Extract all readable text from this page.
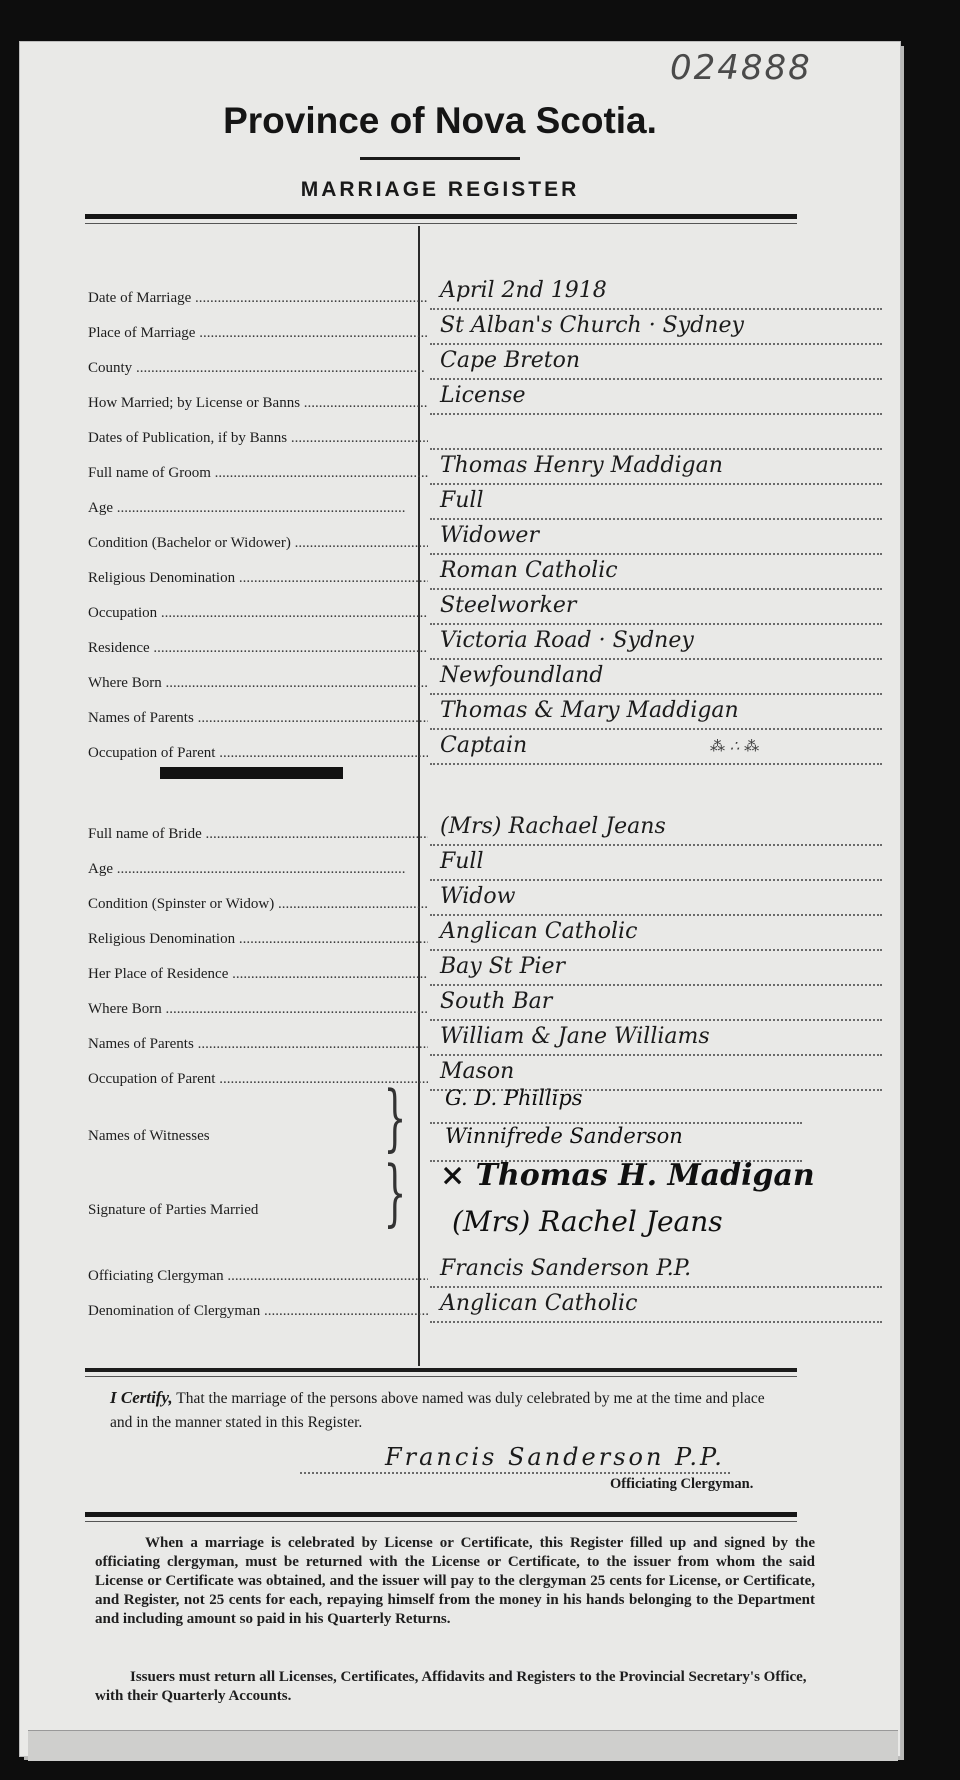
024888
Province of Nova Scotia.
MARRIAGE REGISTER
Date of Marriage .....	April 2nd 1918
Place of Marriage .....	St Alban's Church · Sydney
County .....	Cape Breton
How Married; by License or Banns .....	License
Dates of Publication, if by Banns .....
Full name of Groom .....	Thomas Henry Maddigan
Age .....	Full
Condition (Bachelor or Widower) .....	Widower
Religious Denomination .....	Roman Catholic
Occupation .....	Steelworker
Residence .....	Victoria Road · Sydney
Where Born .....	Newfoundland
Names of Parents .....	Thomas & Mary Maddigan
Occupation of Parent .....	Captain	⁂ ∴ ⁂
Full name of Bride .....	(Mrs) Rachael Jeans
Age .....	Full
Condition (Spinster or Widow) .....	Widow
Religious Denomination .....	Anglican Catholic
Her Place of Residence .....	Bay St Pier
Where Born .....	South Bar
Names of Parents .....	William & Jane Williams
Occupation of Parent .....	Mason
Names of Witnesses } G. D. Phillips
Winnifrede Sanderson
Signature of Parties Married } × Thomas H. Madigan
(Mrs) Rachel Jeans
Officiating Clergyman .....	Francis Sanderson P.P.
Denomination of Clergyman .....	Anglican Catholic
I Certify, That the marriage of the persons above named was duly celebrated by me at the time and place and in the manner stated in this Register.
Francis Sanderson P.P.
Officiating Clergyman.
When a marriage is celebrated by License or Certificate, this Register filled up and signed by the officiating clergyman, must be returned with the License or Certificate, to the issuer from whom the said License or Certificate was obtained, and the issuer will pay to the clergyman 25 cents for License, or Certificate, and Register, not 25 cents for each, repaying himself from the money in his hands belonging to the Department and including amount so paid in his Quarterly Returns.
Issuers must return all Licenses, Certificates, Affidavits and Registers to the Provincial Secretary's Office, with their Quarterly Accounts.
